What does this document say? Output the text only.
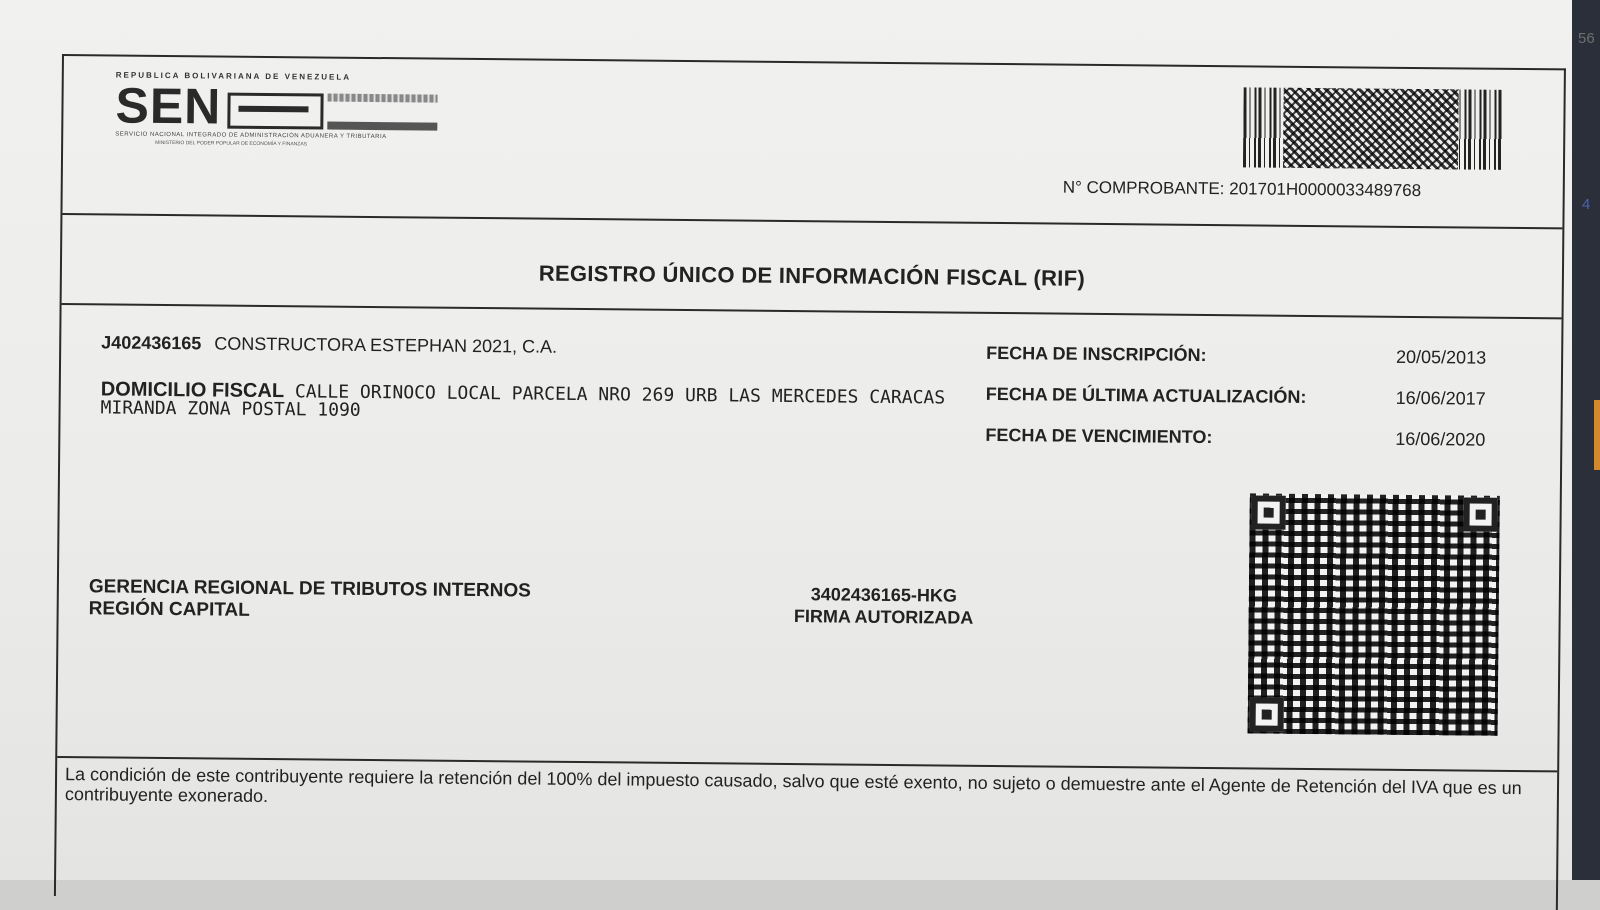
56
4
REPUBLICA BOLIVARIANA DE VENEZUELA
SEN
SERVICIO NACIONAL INTEGRADO DE ADMINISTRACIÓN ADUANERA Y TRIBUTARIA
MINISTERIO DEL PODER POPULAR DE ECONOMÍA Y FINANZAS
N° COMPROBANTE: 201701H0000033489768
REGISTRO ÚNICO DE INFORMACIÓN FISCAL (RIF)
J402436165 CONSTRUCTORA ESTEPHAN 2021, C.A.
DOMICILIO FISCAL CALLE ORINOCO LOCAL PARCELA NRO 269 URB LAS MERCEDES CARACAS MIRANDA ZONA POSTAL 1090
FECHA DE INSCRIPCIÓN:	20/05/2013
FECHA DE ÚLTIMA ACTUALIZACIÓN:	16/06/2017
FECHA DE VENCIMIENTO:	16/06/2020
GERENCIA REGIONAL DE TRIBUTOS INTERNOS
REGIÓN CAPITAL
3402436165-HKG
FIRMA AUTORIZADA
La condición de este contribuyente requiere la retención del 100% del impuesto causado, salvo que esté exento, no sujeto o demuestre ante el Agente de Retención del IVA que es un contribuyente exonerado.
